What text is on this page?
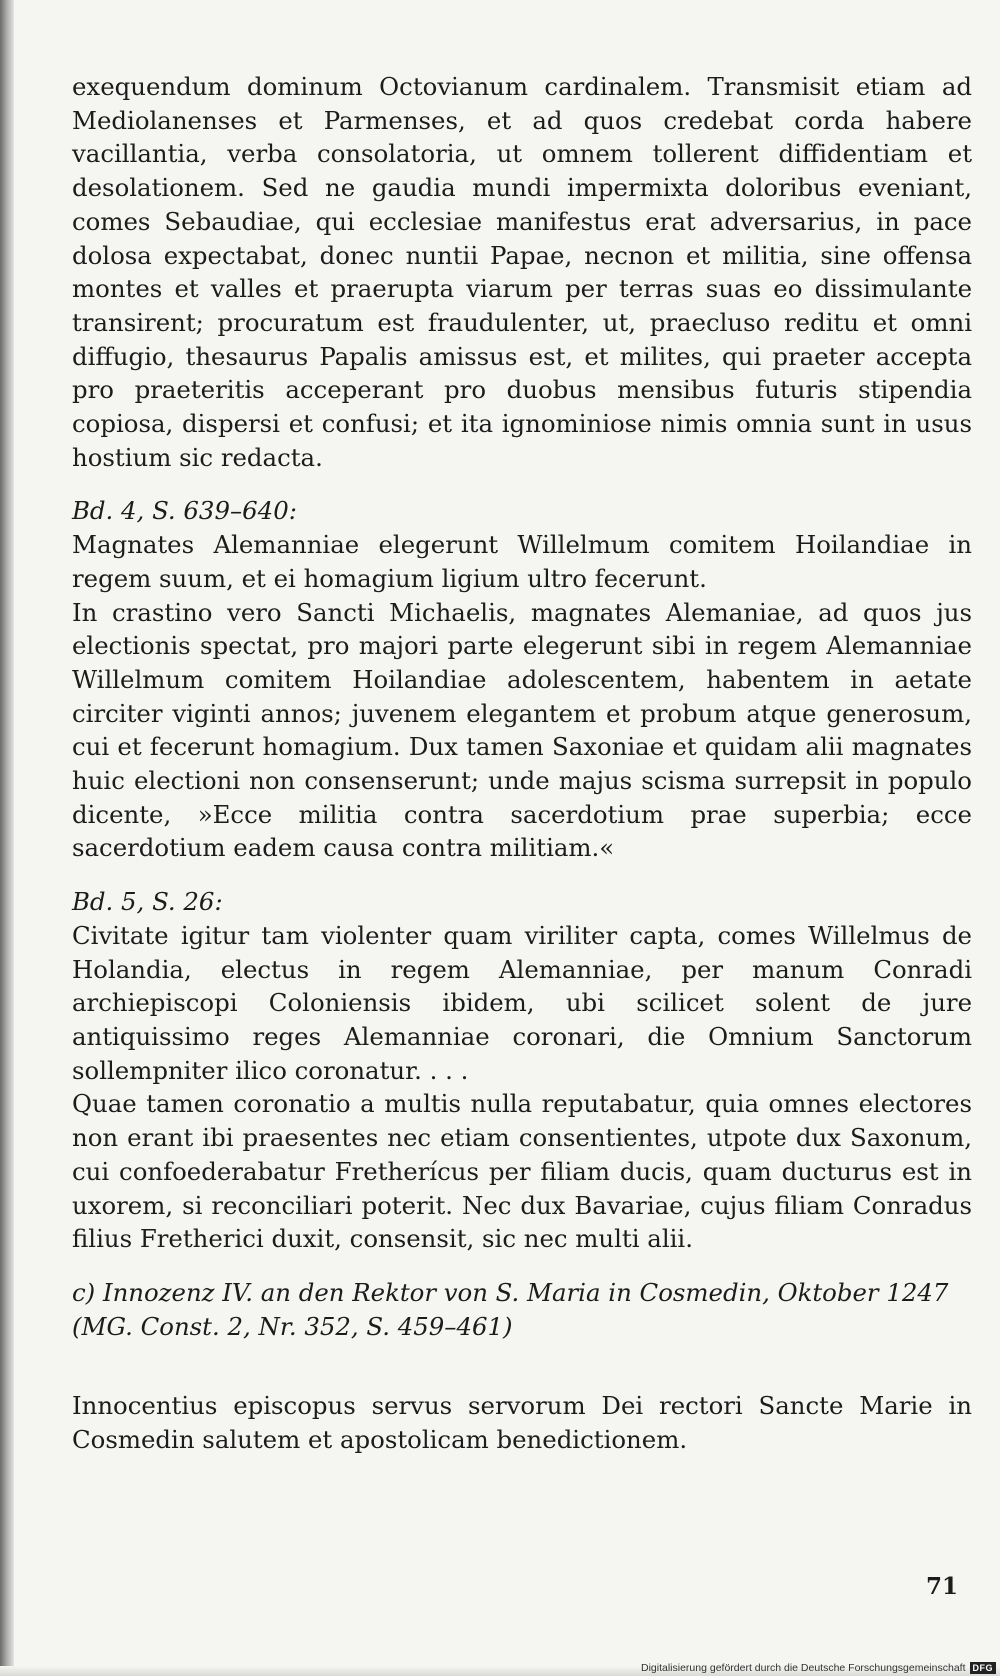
exequendum dominum Octovianum cardinalem. Transmisit etiam ad Mediolanenses et Parmenses, et ad quos credebat corda habere vacillantia, verba consolatoria, ut omnem tollerent diffidentiam et desolationem. Sed ne gaudia mundi impermixta doloribus eveniant, comes Sebaudiae, qui ecclesiae manifestus erat adversarius, in pace dolosa expectabat, donec nuntii Papae, necnon et militia, sine offensa montes et valles et praerupta viarum per terras suas eo dissimulante transirent; procuratum est fraudulenter, ut, praecluso reditu et omni diffugio, thesaurus Papalis amissus est, et milites, qui praeter accepta pro praeteritis acceperant pro duobus mensibus futuris stipendia copiosa, dispersi et confusi; et ita ignominiose nimis omnia sunt in usus hostium sic redacta.

Bd. 4, S. 639–640:

Magnates Alemanniae elegerunt Willelmum comitem Hoilandiae in regem suum, et ei homagium ligium ultro fecerunt.

In crastino vero Sancti Michaelis, magnates Alemaniae, ad quos jus electionis spectat, pro majori parte elegerunt sibi in regem Alemanniae Willelmum comitem Hoilandiae adolescentem, habentem in aetate circiter viginti annos; juvenem elegantem et probum atque generosum, cui et fecerunt homagium. Dux tamen Saxoniae et quidam alii magnates huic electioni non consenserunt; unde majus scisma surrepsit in populo dicente, »Ecce militia contra sacerdotium prae superbia; ecce sacerdotium eadem causa contra militiam.«

Bd. 5, S. 26:

Civitate igitur tam violenter quam viriliter capta, comes Willelmus de Holandia, electus in regem Alemanniae, per manum Conradi archiepiscopi Coloniensis ibidem, ubi scilicet solent de jure antiquissimo reges Alemanniae coronari, die Omnium Sanctorum sollempniter ilico coronatur. . . .

Quae tamen coronatio a multis nulla reputabatur, quia omnes electores non erant ibi praesentes nec etiam consentientes, utpote dux Saxonum, cui confoederabatur Fretherícus per filiam ducis, quam ducturus est in uxorem, si reconciliari poterit. Nec dux Bavariae, cujus filiam Conradus filius Fretherici duxit, consensit, sic nec multi alii.

c) Innozenz IV. an den Rektor von S. Maria in Cosmedin, Oktober 1247

(MG. Const. 2, Nr. 352, S. 459–461)

Innocentius episcopus servus servorum Dei rectori Sancte Marie in Cosmedin salutem et apostolicam benedictionem.

71
Digitalisierung gefördert durch die Deutsche Forschungsgemeinschaft DFG
